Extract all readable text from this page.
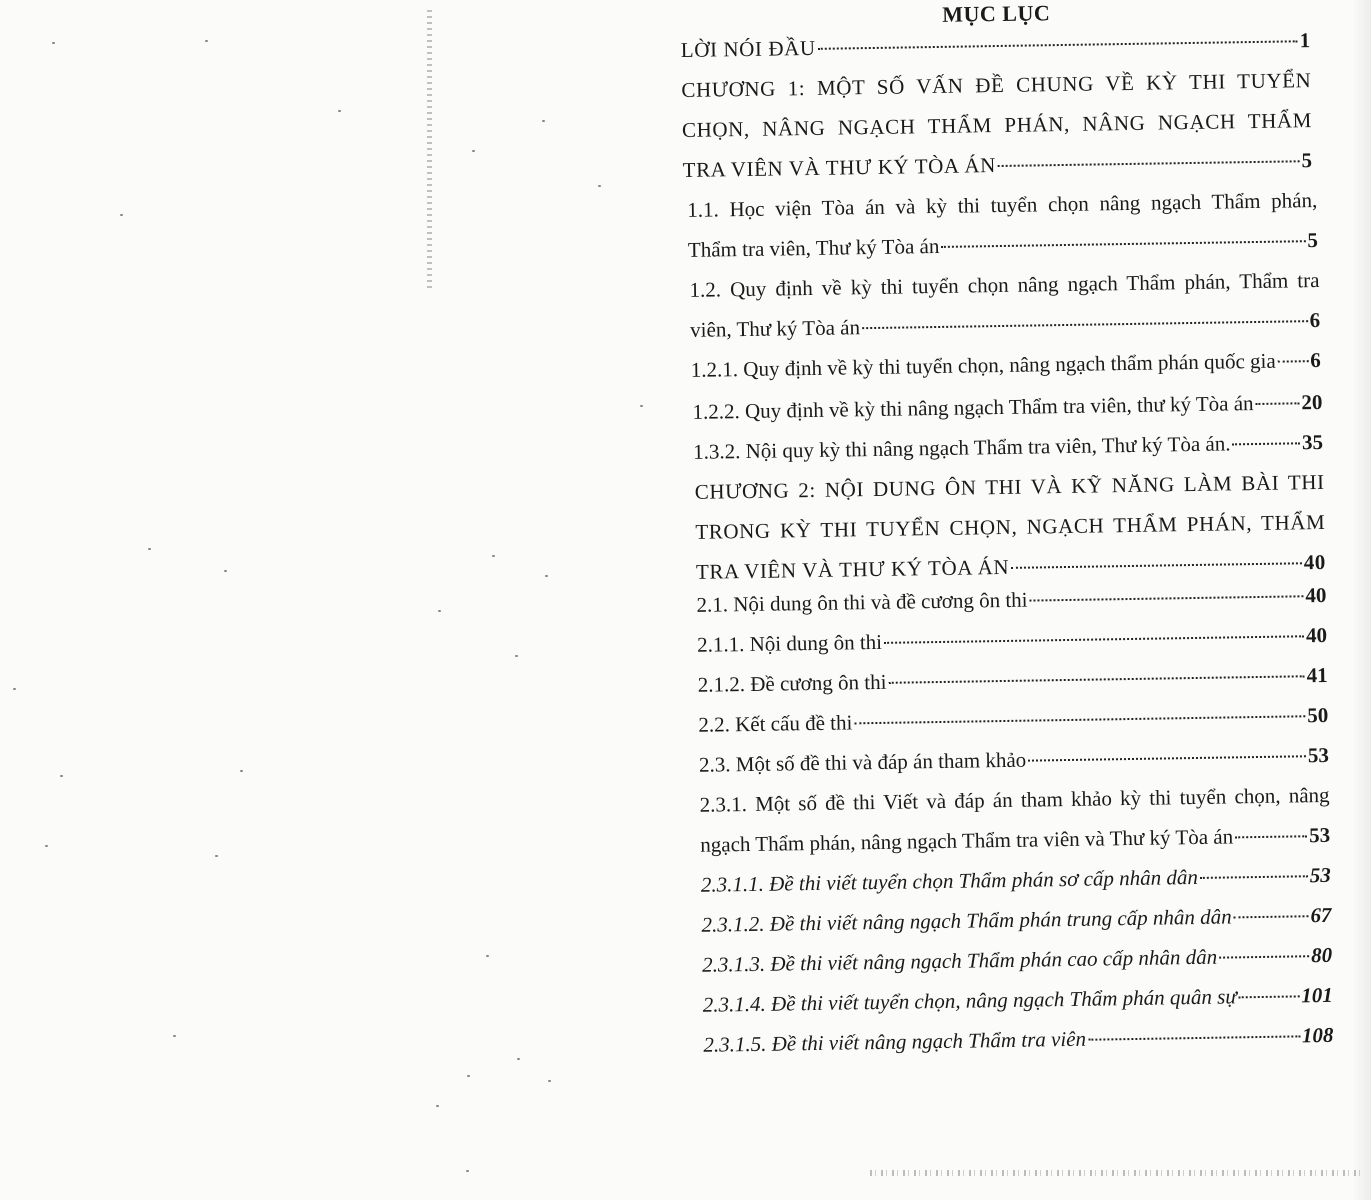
MỤC LỤC
LỜI NÓI ĐẦU	1
CHƯƠNG 1: MỘT SỐ VẤN ĐỀ CHUNG VỀ KỲ THI TUYỂN
CHỌN, NÂNG NGẠCH THẨM PHÁN, NÂNG NGẠCH THẨM
TRA VIÊN VÀ THƯ KÝ TÒA ÁN	5
1.1. Học viện Tòa án và kỳ thi tuyển chọn nâng ngạch Thẩm phán,
Thẩm tra viên, Thư ký Tòa án	5
1.2. Quy định về kỳ thi tuyển chọn nâng ngạch Thẩm phán, Thẩm tra
viên, Thư ký Tòa án	6
1.2.1. Quy định về kỳ thi tuyển chọn, nâng ngạch thẩm phán quốc gia 6
1.2.2. Quy định về kỳ thi nâng ngạch Thẩm tra viên, thư ký Tòa án 20
1.3.2. Nội quy kỳ thi nâng ngạch Thẩm tra viên, Thư ký Tòa án.	35
CHƯƠNG 2: NỘI DUNG ÔN THI VÀ KỸ NĂNG LÀM BÀI THI
TRONG KỲ THI TUYỂN CHỌN, NGẠCH THẨM PHÁN, THẨM
TRA VIÊN VÀ THƯ KÝ TÒA ÁN	40
2.1. Nội dung ôn thi và đề cương ôn thi	40
2.1.1. Nội dung ôn thi	40
2.1.2. Đề cương ôn thi	41
2.2. Kết cấu đề thi	50
2.3. Một số đề thi và đáp án tham khảo	53
2.3.1. Một số đề thi Viết và đáp án tham khảo kỳ thi tuyển chọn, nâng
ngạch Thẩm phán, nâng ngạch Thẩm tra viên và Thư ký Tòa án	53
2.3.1.1. Đề thi viết tuyển chọn Thẩm phán sơ cấp nhân dân	53
2.3.1.2. Đề thi viết nâng ngạch Thẩm phán trung cấp nhân dân	67
2.3.1.3. Đề thi viết nâng ngạch Thẩm phán cao cấp nhân dân	80
2.3.1.4. Đề thi viết tuyển chọn, nâng ngạch Thẩm phán quân sự	101
2.3.1.5. Đề thi viết nâng ngạch Thẩm tra viên	108
